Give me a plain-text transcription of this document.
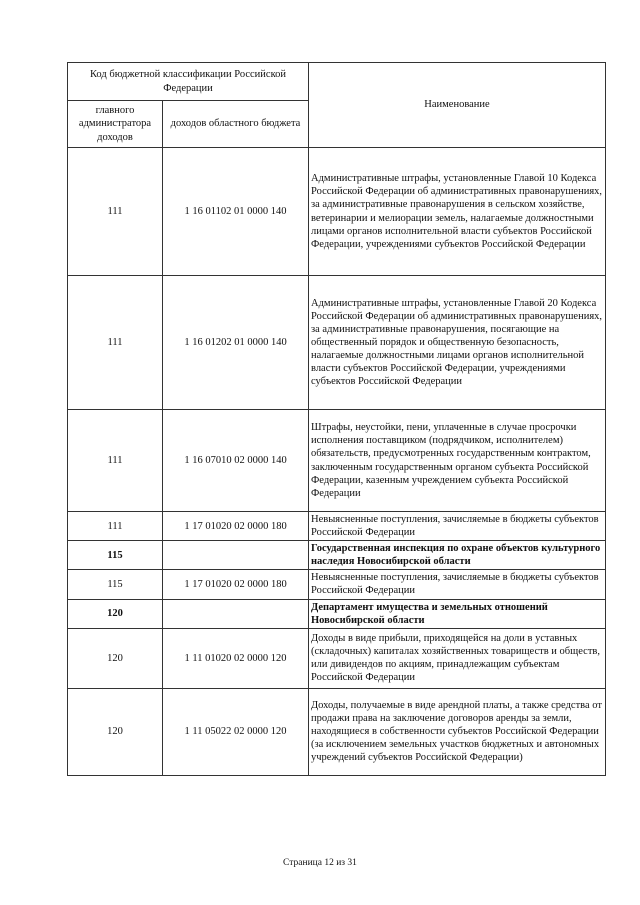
Код бюджетной классификации Российской Федерации		Наименование
главного администратора доходов	доходов областного бюджета	
111	1 16 01102 01 0000 140	Административные штрафы, установленные Главой 10 Кодекса Российской Федерации об административных правонарушениях, за административные правонарушения в сельском хозяйстве, ветеринарии и мелиорации земель, налагаемые должностными лицами органов исполнительной власти субъектов Российской Федерации, учреждениями субъектов Российской Федерации
111	1 16 01202 01 0000 140	Административные штрафы, установленные Главой 20 Кодекса Российской Федерации об административных правонарушениях, за административные правонарушения, посягающие на общественный порядок и общественную безопасность, налагаемые должностными лицами органов исполнительной власти субъектов Российской Федерации, учреждениями субъектов Российской Федерации
111	1 16 07010 02 0000 140	Штрафы, неустойки, пени, уплаченные в случае просрочки исполнения поставщиком (подрядчиком, исполнителем) обязательств, предусмотренных государственным контрактом, заключенным государственным органом субъекта Российской Федерации, казенным учреждением субъекта Российской Федерации
111	1 17 01020 02 0000 180	Невыясненные поступления, зачисляемые в бюджеты субъектов Российской Федерации
115		Государственная инспекция по охране объектов культурного наследия Новосибирской области
115	1 17 01020 02 0000 180	Невыясненные поступления, зачисляемые в бюджеты субъектов Российской Федерации
120		Департамент имущества и земельных отношений Новосибирской области
120	1 11 01020 02 0000 120	Доходы в виде прибыли, приходящейся на доли в уставных (складочных) капиталах хозяйственных товариществ и обществ, или дивидендов по акциям, принадлежащим субъектам Российской Федерации
120	1 11 05022 02 0000 120	Доходы, получаемые в виде арендной платы, а также средства от продажи права на заключение договоров аренды за земли, находящиеся в собственности субъектов Российской Федерации (за исключением земельных участков бюджетных и автономных учреждений субъектов Российской Федерации)
Страница 12 из 31
